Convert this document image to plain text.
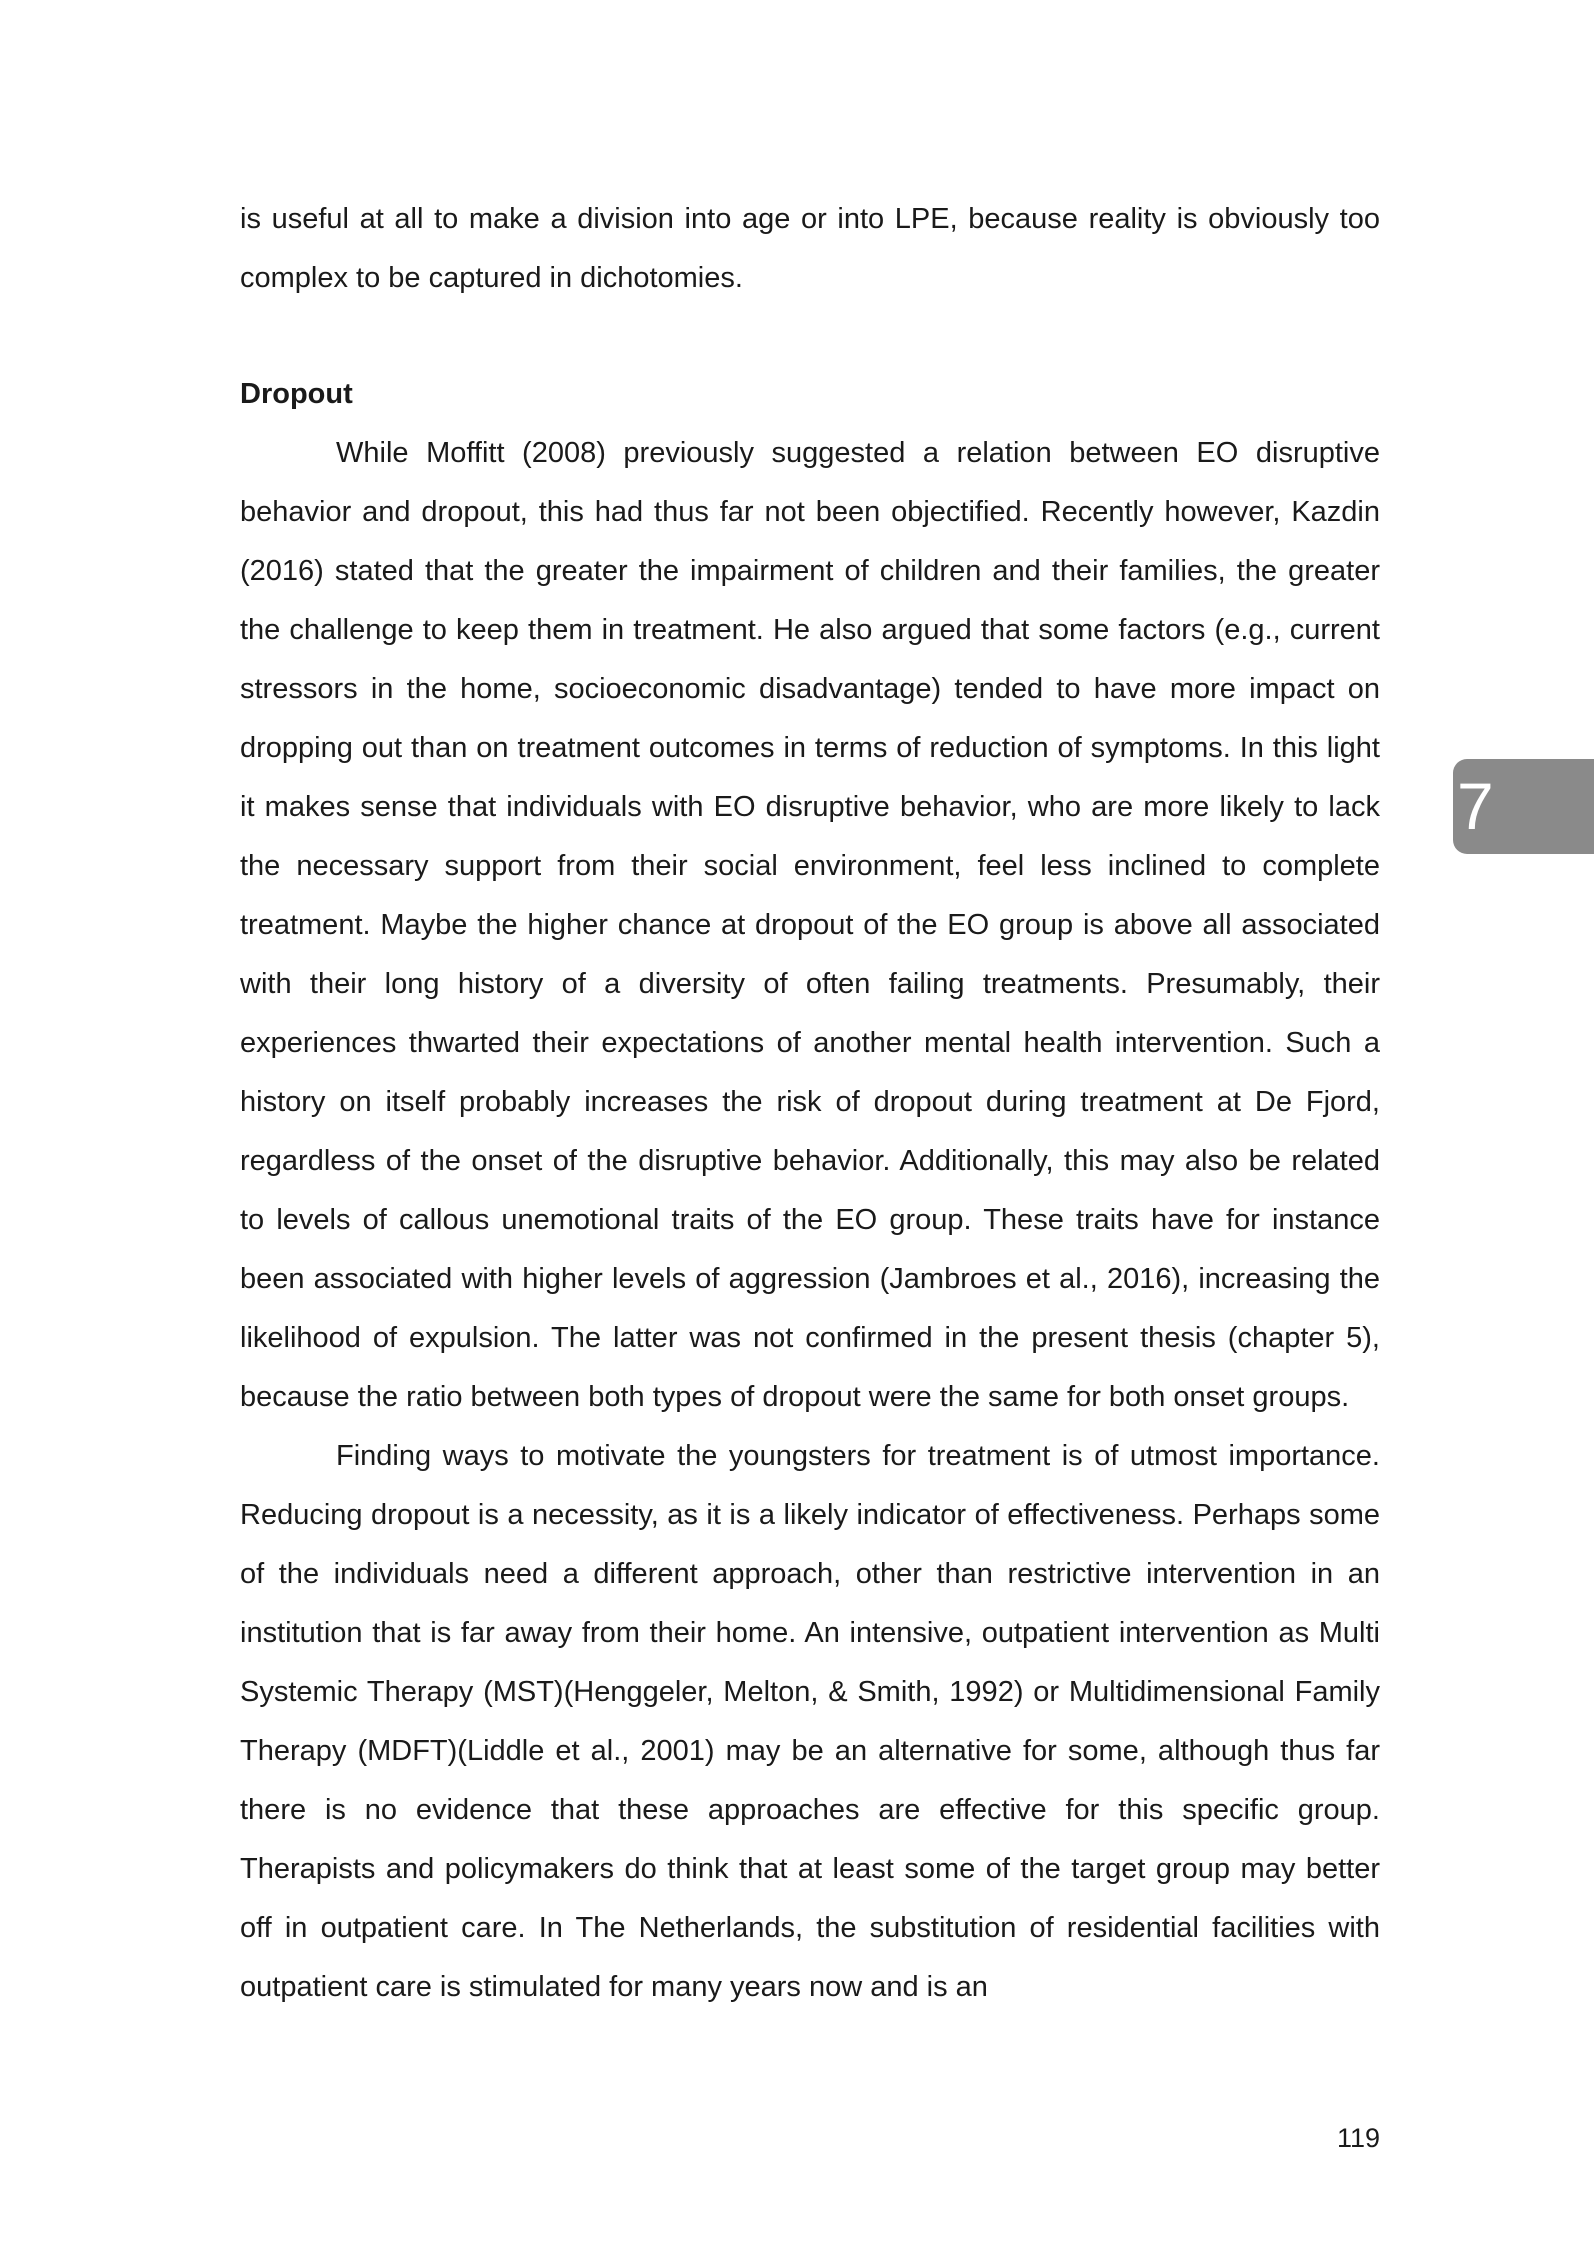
is useful at all to make a division into age or into LPE, because reality is obviously too complex to be captured in dichotomies.

Dropout

While Moffitt (2008) previously suggested a relation between EO disruptive behavior and dropout, this had thus far not been objectified. Recently however, Kazdin (2016) stated that the greater the impairment of children and their families, the greater the challenge to keep them in treatment. He also argued that some factors (e.g., current stressors in the home, socioeconomic disadvantage) tended to have more impact on dropping out than on treatment outcomes in terms of reduction of symptoms. In this light it makes sense that individuals with EO disruptive behavior, who are more likely to lack the necessary support from their social environment, feel less inclined to complete treatment. Maybe the higher chance at dropout of the EO group is above all associated with their long history of a diversity of often failing treatments. Presumably, their experiences thwarted their expectations of another mental health intervention. Such a history on itself probably increases the risk of dropout during treatment at De Fjord, regardless of the onset of the disruptive behavior. Additionally, this may also be related to levels of callous unemotional traits of the EO group. These traits have for instance been associated with higher levels of aggression (Jambroes et al., 2016), increasing the likelihood of expulsion. The latter was not confirmed in the present thesis (chapter 5), because the ratio between both types of dropout were the same for both onset groups.

Finding ways to motivate the youngsters for treatment is of utmost importance. Reducing dropout is a necessity, as it is a likely indicator of effectiveness. Perhaps some of the individuals need a different approach, other than restrictive intervention in an institution that is far away from their home. An intensive, outpatient intervention as Multi Systemic Therapy (MST)(Henggeler, Melton, & Smith, 1992) or Multidimensional Family Therapy (MDFT)(Liddle et al., 2001) may be an alternative for some, although thus far there is no evidence that these approaches are effective for this specific group. Therapists and policymakers do think that at least some of the target group may better off in outpatient care. In The Netherlands, the substitution of residential facilities with outpatient care is stimulated for many years now and is an

7
119
